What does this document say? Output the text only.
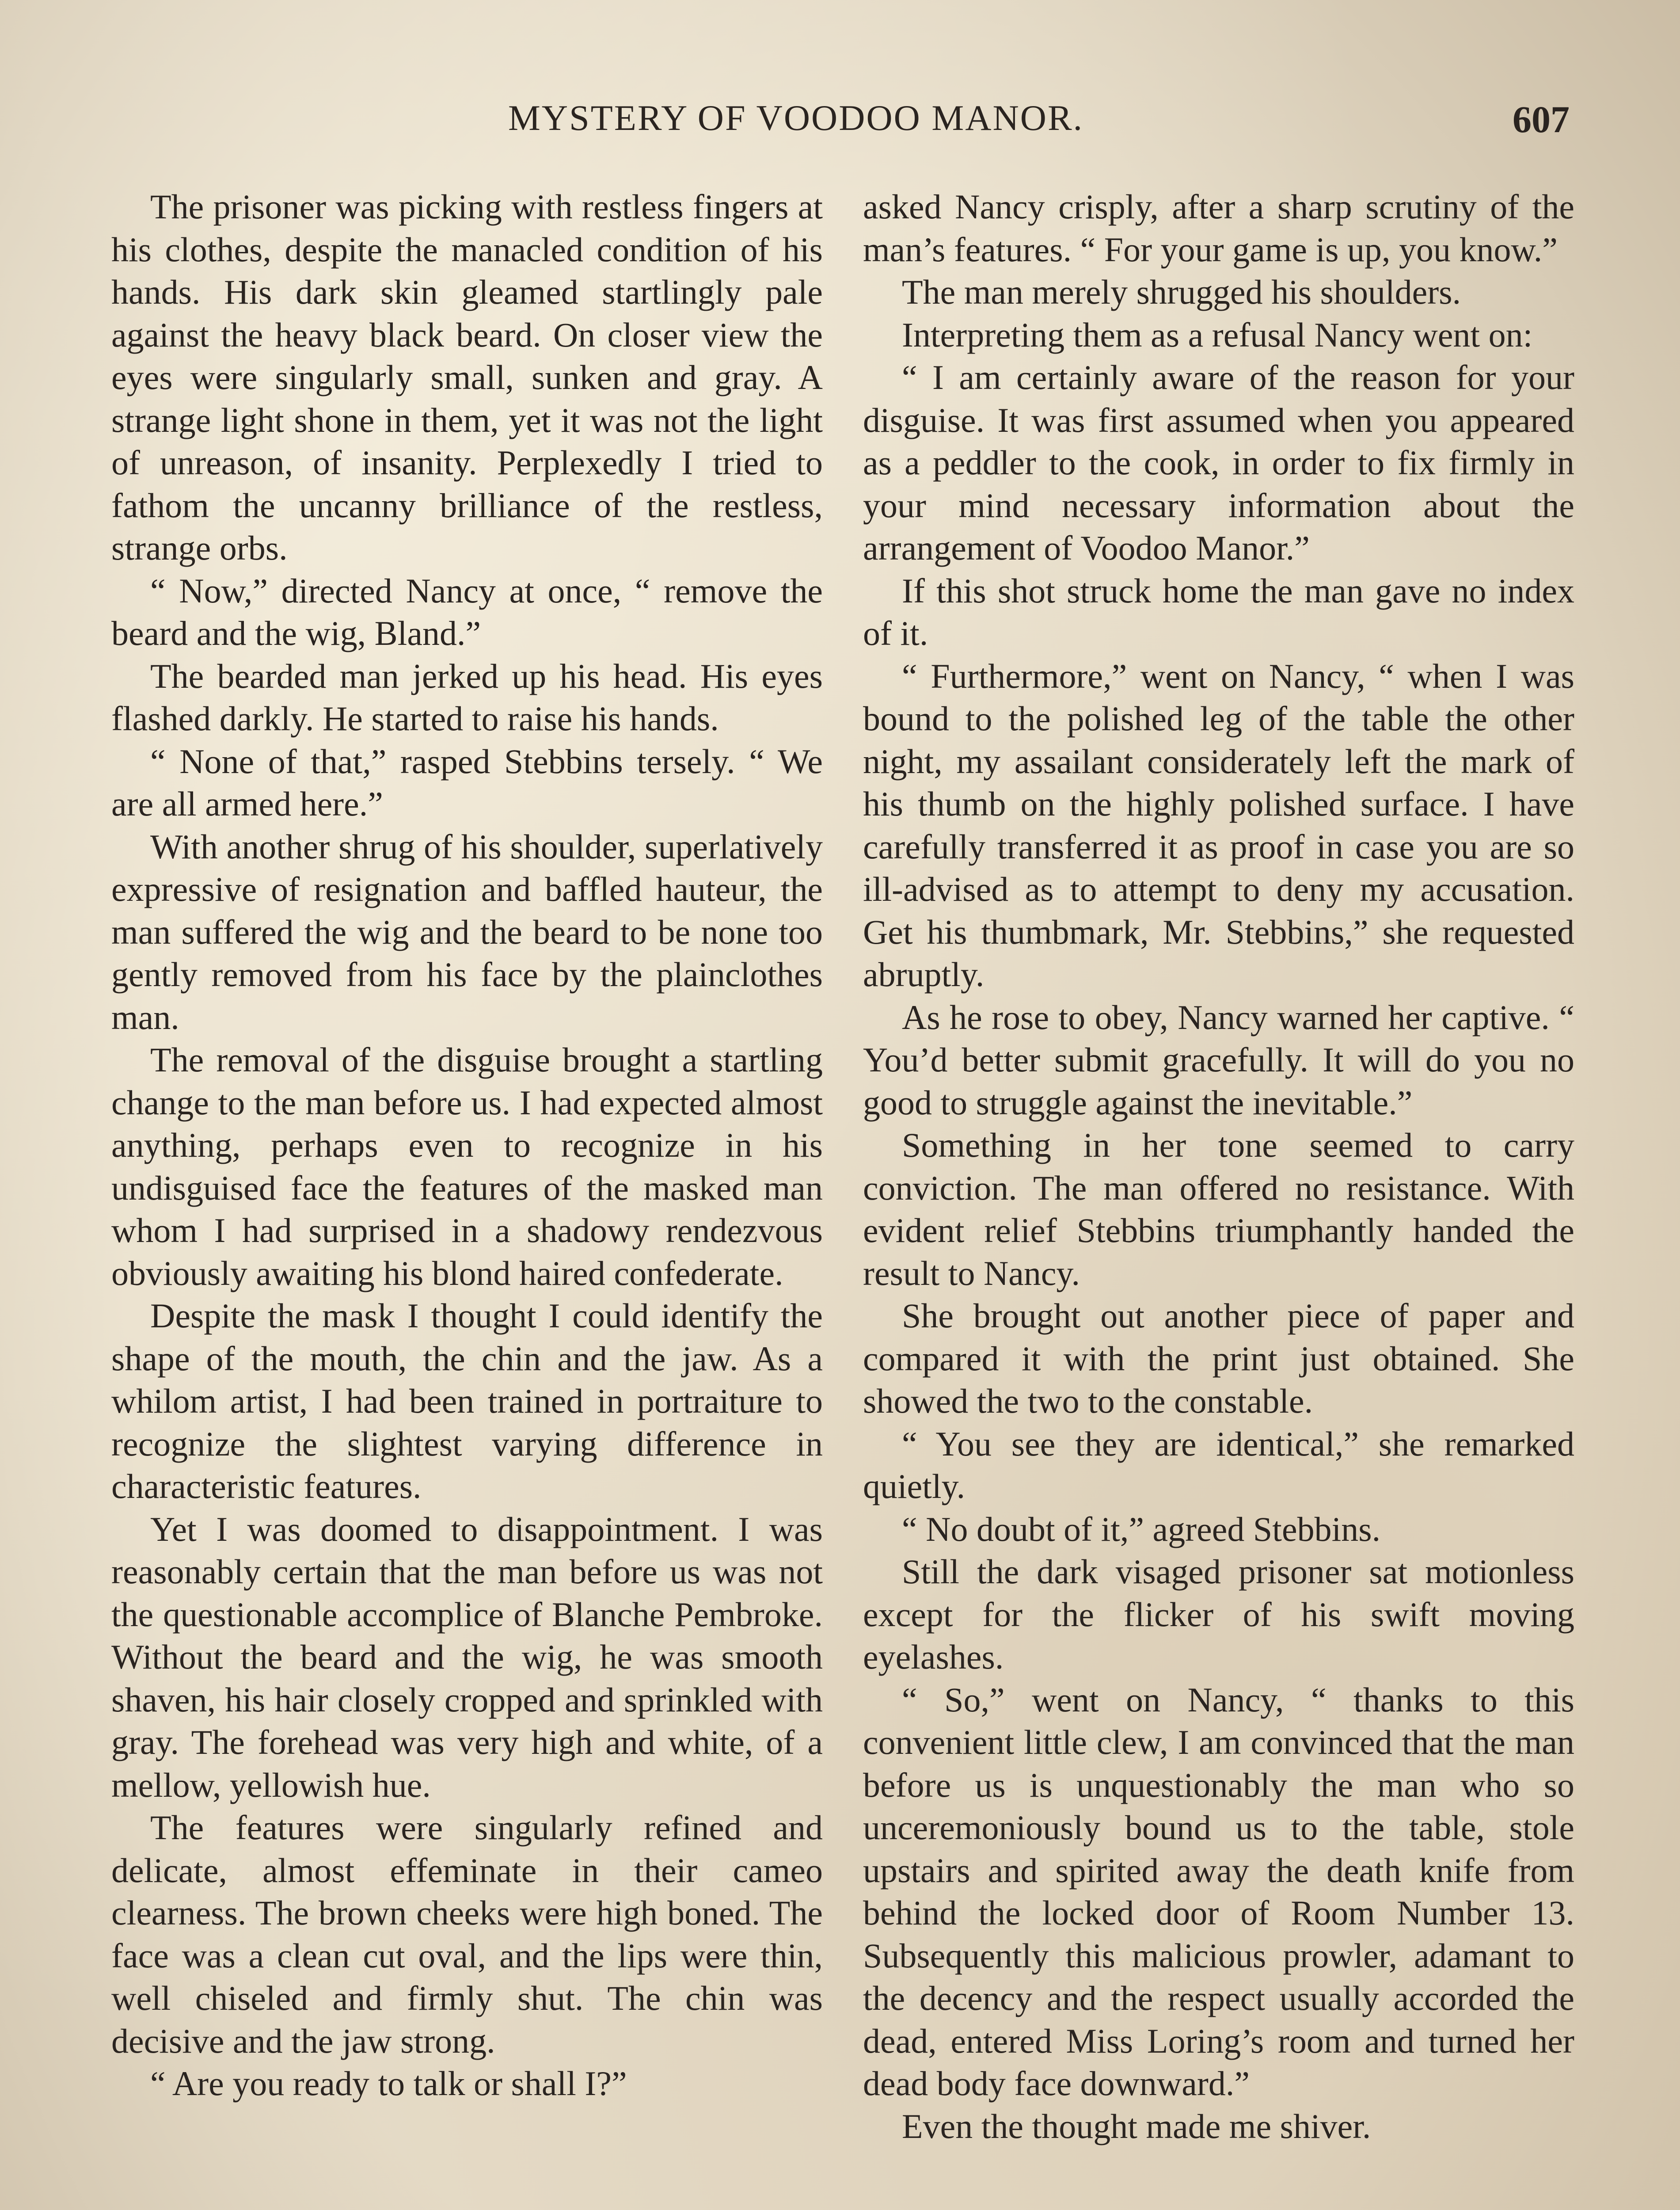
MYSTERY OF VOODOO MANOR.	607

The prisoner was picking with restless fingers at his clothes, despite the manacled condition of his hands. His dark skin gleamed startlingly pale against the heavy black beard. On closer view the eyes were singularly small, sunken and gray. A strange light shone in them, yet it was not the light of unreason, of insanity. Perplexedly I tried to fathom the uncanny brilliance of the restless, strange orbs.

“ Now,” directed Nancy at once, “ remove the beard and the wig, Bland.”

The bearded man jerked up his head. His eyes flashed darkly. He started to raise his hands.

“ None of that,” rasped Stebbins tersely. “ We are all armed here.”

With another shrug of his shoulder, superlatively expressive of resignation and baffled hauteur, the man suffered the wig and the beard to be none too gently removed from his face by the plainclothes man.

The removal of the disguise brought a startling change to the man before us. I had expected almost anything, perhaps even to recognize in his undisguised face the features of the masked man whom I had surprised in a shadowy rendezvous obviously awaiting his blond haired confederate.

Despite the mask I thought I could identify the shape of the mouth, the chin and the jaw. As a whilom artist, I had been trained in portraiture to recognize the slightest varying difference in characteristic features.

Yet I was doomed to disappointment. I was reasonably certain that the man before us was not the questionable accomplice of Blanche Pembroke. Without the beard and the wig, he was smooth shaven, his hair closely cropped and sprinkled with gray. The forehead was very high and white, of a mellow, yellowish hue.

The features were singularly refined and delicate, almost effeminate in their cameo clearness. The brown cheeks were high boned. The face was a clean cut oval, and the lips were thin, well chiseled and firmly shut. The chin was decisive and the jaw strong.

“ Are you ready to talk or shall I?”

asked Nancy crisply, after a sharp scrutiny of the man’s features. “ For your game is up, you know.”

The man merely shrugged his shoulders.

Interpreting them as a refusal Nancy went on:

“ I am certainly aware of the reason for your disguise. It was first assumed when you appeared as a peddler to the cook, in order to fix firmly in your mind necessary information about the arrangement of Voodoo Manor.”

If this shot struck home the man gave no index of it.

“ Furthermore,” went on Nancy, “ when I was bound to the polished leg of the table the other night, my assailant considerately left the mark of his thumb on the highly polished surface. I have carefully transferred it as proof in case you are so ill-advised as to attempt to deny my accusation. Get his thumbmark, Mr. Stebbins,” she requested abruptly.

As he rose to obey, Nancy warned her captive. “ You’d better submit gracefully. It will do you no good to struggle against the inevitable.”

Something in her tone seemed to carry conviction. The man offered no resistance. With evident relief Stebbins triumphantly handed the result to Nancy.

She brought out another piece of paper and compared it with the print just obtained. She showed the two to the constable.

“ You see they are identical,” she remarked quietly.

“ No doubt of it,” agreed Stebbins.

Still the dark visaged prisoner sat motionless except for the flicker of his swift moving eyelashes.

“ So,” went on Nancy, “ thanks to this convenient little clew, I am convinced that the man before us is unquestionably the man who so unceremoniously bound us to the table, stole upstairs and spirited away the death knife from behind the locked door of Room Number 13. Subsequently this malicious prowler, adamant to the decency and the respect usually accorded the dead, entered Miss Loring’s room and turned her dead body face downward.”

Even the thought made me shiver.
